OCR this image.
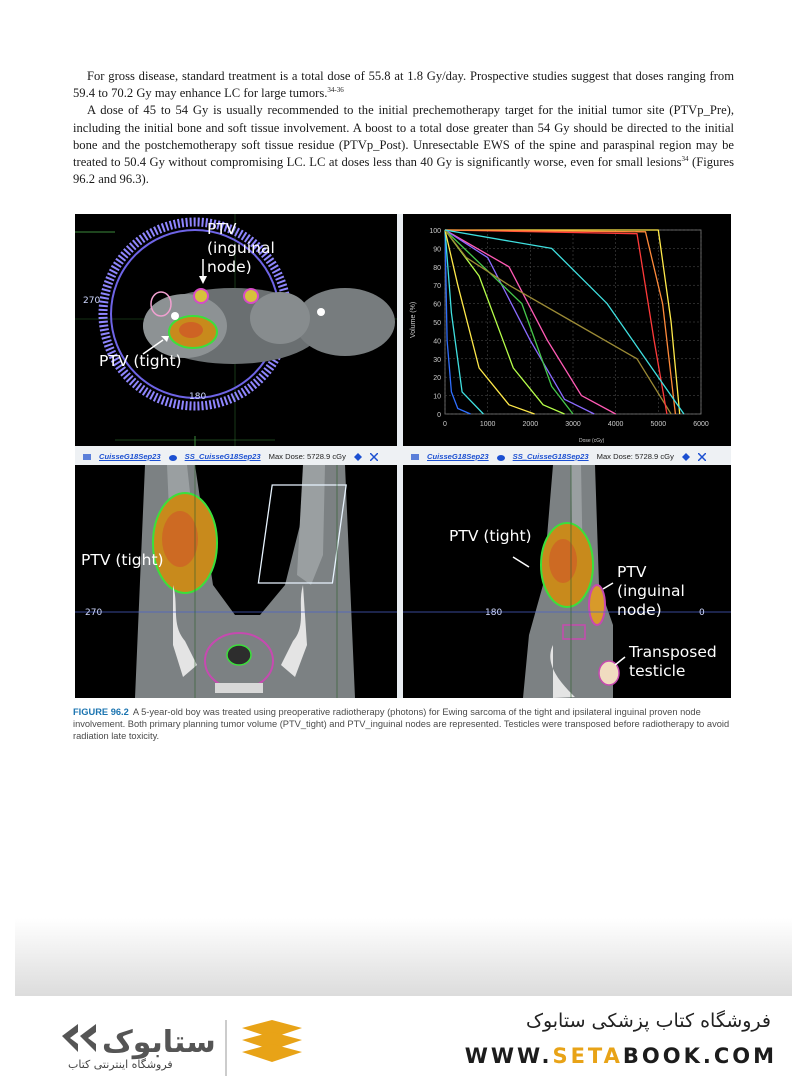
For gross disease, standard treatment is a total dose of 55.8 at 1.8 Gy/day. Prospective studies suggest that doses ranging from 59.4 to 70.2 Gy may enhance LC for large tumors.$^{34-36}$

A dose of 45 to 54 Gy is usually recommended to the initial prechemotherapy target for the initial tumor site (PTVp_Pre), including the initial bone and soft tissue involvement. A boost to a total dose greater than 54 Gy should be directed to the initial bone and the postchemotherapy soft tissue residue (PTVp_Post). Unresectable EWS of the spine and paraspinal region may be treated to 50.4 Gy without compromising LC. LC at doses less than 40 Gy is significantly worse, even for small lesions$^{34}$ (Figures 96.2 and 96.3).

PTV
(inguinal
node)
PTV (tight)
270
180
100
90
80
70
60
50
40
30
20
10
0
0	1000	2000	3000	4000	5000	6000
Volume (%)
Dose (cGy)
CuisseG18Sep23	SS_CuisseG18Sep23 Max Dose: 5728.9 cGy	CuisseG18Sep23	SS_CuisseG18Sep23 Max Dose: 5728.9 cGy
PTV (tight)
270
PTV (tight)
PTV
(inguinal
node)
Transposed
testicle
180	0
FIGURE 96.2 A 5-year-old boy was treated using preoperative radiotherapy (photons) for Ewing sarcoma of the tight and ipsilateral inguinal proven node involvement. Both primary planning tumor volume (PTV_tight) and PTV_inguinal nodes are represented. Testicles were transposed before radiotherapy to avoid radiation late toxicity.
ستابوک
فروشگاه اینترنتی کتاب
فروشگاه کتاب پزشکی ستابوک
WWW.SETABOOK.COM
